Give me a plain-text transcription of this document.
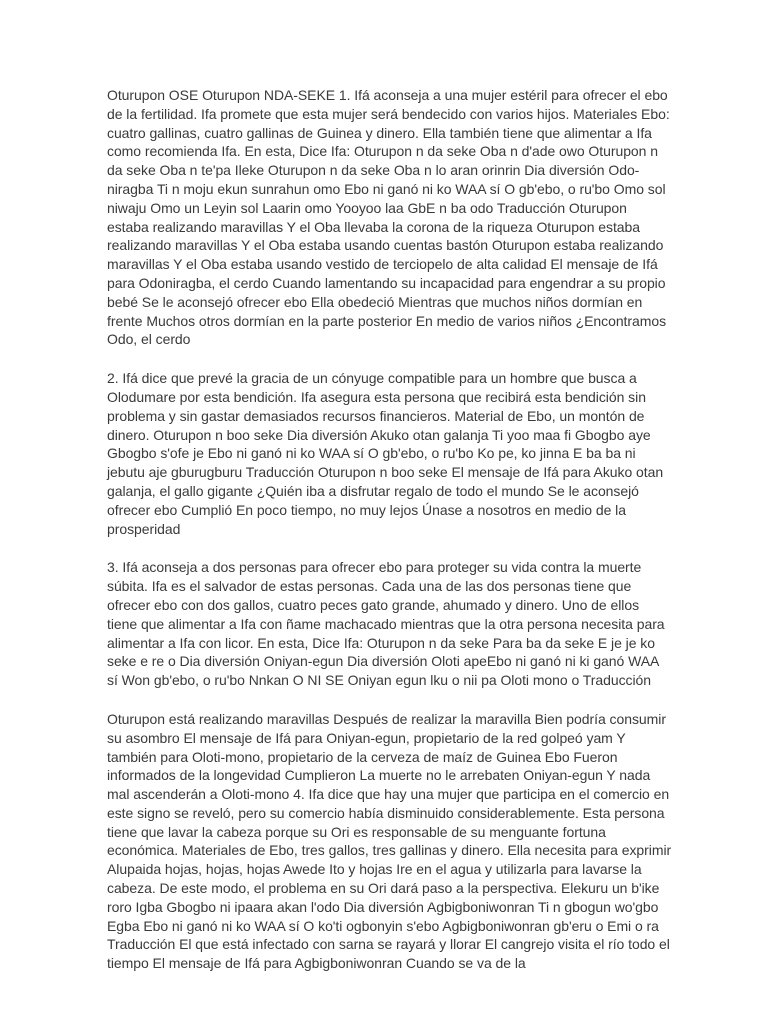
Oturupon OSE Oturupon NDA-SEKE 1. Ifá aconseja a una mujer estéril para ofrecer el ebo de la fertilidad. Ifa promete que esta mujer será bendecido con varios hijos. Materiales Ebo: cuatro gallinas, cuatro gallinas de Guinea y dinero. Ella también tiene que alimentar a Ifa como recomienda Ifa. En esta, Dice Ifa: Oturupon n da seke Oba n d'ade owo Oturupon n da seke Oba n te'pa Ileke Oturupon n da seke Oba n lo aran orinrin Dia diversión Odo-niragba Ti n moju ekun sunrahun omo Ebo ni ganó ni ko WAA sí O gb'ebo, o ru'bo Omo sol niwaju Omo un Leyin sol Laarin omo Yooyoo laa GbE n ba odo Traducción Oturupon estaba realizando maravillas Y el Oba llevaba la corona de la riqueza Oturupon estaba realizando maravillas Y el Oba estaba usando cuentas bastón Oturupon estaba realizando maravillas Y el Oba estaba usando vestido de terciopelo de alta calidad El mensaje de Ifá para Odoniragba, el cerdo Cuando lamentando su incapacidad para engendrar a su propio bebé Se le aconsejó ofrecer ebo Ella obedeció Mientras que muchos niños dormían en frente Muchos otros dormían en la parte posterior En medio de varios niños ¿Encontramos Odo, el cerdo

2. Ifá dice que prevé la gracia de un cónyuge compatible para un hombre que busca a Olodumare por esta bendición. Ifa asegura esta persona que recibirá esta bendición sin problema y sin gastar demasiados recursos financieros. Material de Ebo, un montón de dinero. Oturupon n boo seke Dia diversión Akuko otan galanja Ti yoo maa fi Gbogbo aye Gbogbo s'ofe je Ebo ni ganó ni ko WAA sí O gb'ebo, o ru'bo Ko pe, ko jinna E ba ba ni jebutu aje gburugburu Traducción Oturupon n boo seke El mensaje de Ifá para Akuko otan galanja, el gallo gigante ¿Quién iba a disfrutar regalo de todo el mundo Se le aconsejó ofrecer ebo Cumplió En poco tiempo, no muy lejos Únase a nosotros en medio de la prosperidad

3. Ifá aconseja a dos personas para ofrecer ebo para proteger su vida contra la muerte súbita. Ifa es el salvador de estas personas. Cada una de las dos personas tiene que ofrecer ebo con dos gallos, cuatro peces gato grande, ahumado y dinero. Uno de ellos tiene que alimentar a Ifa con ñame machacado mientras que la otra persona necesita para alimentar a Ifa con licor. En esta, Dice Ifa: Oturupon n da seke Para ba da seke E je je ko seke e re o Dia diversión Oniyan-egun Dia diversión Oloti apeEbo ni ganó ni ki ganó WAA sí Won gb'ebo, o ru'bo Nnkan O NI SE Oniyan egun lku o nii pa Oloti mono o Traducción

Oturupon está realizando maravillas Después de realizar la maravilla Bien podría consumir su asombro El mensaje de Ifá para Oniyan-egun, propietario de la red golpeó yam Y también para Oloti-mono, propietario de la cerveza de maíz de Guinea Ebo Fueron informados de la longevidad Cumplieron La muerte no le arrebaten Oniyan-egun Y nada mal ascenderán a Oloti-mono 4. Ifa dice que hay una mujer que participa en el comercio en este signo se reveló, pero su comercio había disminuido considerablemente. Esta persona tiene que lavar la cabeza porque su Ori es responsable de su menguante fortuna económica. Materiales de Ebo, tres gallos, tres gallinas y dinero. Ella necesita para exprimir Alupaida hojas, hojas, hojas Awede Ito y hojas Ire en el agua y utilizarla para lavarse la cabeza. De este modo, el problema en su Ori dará paso a la perspectiva. Elekuru un b'ike roro Igba Gbogbo ni ipaara akan l'odo Dia diversión Agbigboniwonran Ti n gbogun wo'gbo Egba Ebo ni ganó ni ko WAA sí O ko'ti ogbonyin s'ebo Agbigboniwonran gb'eru o Emi o ra Traducción El que está infectado con sarna se rayará y llorar El cangrejo visita el río todo el tiempo El mensaje de Ifá para Agbigboniwonran Cuando se va de la
